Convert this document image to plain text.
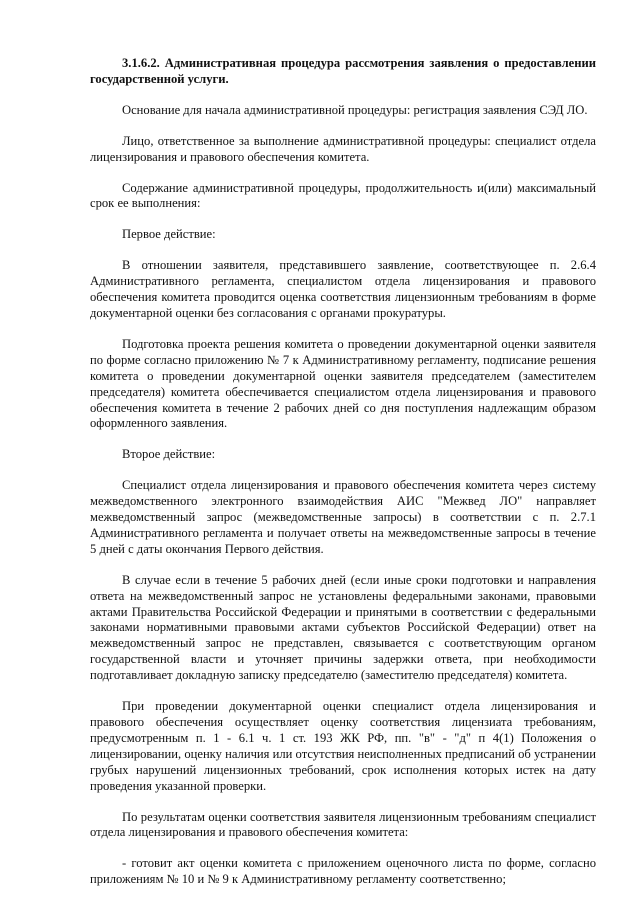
3.1.6.2. Административная процедура рассмотрения заявления о предоставлении государственной услуги.

Основание для начала административной процедуры: регистрация заявления СЭД ЛО.

Лицо, ответственное за выполнение административной процедуры: специалист отдела лицензирования и правового обеспечения комитета.

Содержание административной процедуры, продолжительность и(или) максимальный срок ее выполнения:

Первое действие:

В отношении заявителя, представившего заявление, соответствующее п. 2.6.4 Административного регламента, специалистом отдела лицензирования и правового обеспечения комитета проводится оценка соответствия лицензионным требованиям в форме документарной оценки без согласования с органами прокуратуры.

Подготовка проекта решения комитета о проведении документарной оценки заявителя по форме согласно приложению № 7 к Административному регламенту, подписание решения комитета о проведении документарной оценки заявителя председателем (заместителем председателя) комитета обеспечивается специалистом отдела лицензирования и правового обеспечения комитета в течение 2 рабочих дней со дня поступления надлежащим образом оформленного заявления.

Второе действие:

Специалист отдела лицензирования и правового обеспечения комитета через систему межведомственного электронного взаимодействия АИС "Межвед ЛО" направляет межведомственный запрос (межведомственные запросы) в соответствии с п. 2.7.1 Административного регламента и получает ответы на межведомственные запросы в течение 5 дней с даты окончания Первого действия.

В случае если в течение 5 рабочих дней (если иные сроки подготовки и направления ответа на межведомственный запрос не установлены федеральными законами, правовыми актами Правительства Российской Федерации и принятыми в соответствии с федеральными законами нормативными правовыми актами субъектов Российской Федерации) ответ на межведомственный запрос не представлен, связывается с соответствующим органом государственной власти и уточняет причины задержки ответа, при необходимости подготавливает докладную записку председателю (заместителю председателя) комитета.

При проведении документарной оценки специалист отдела лицензирования и правового обеспечения осуществляет оценку соответствия лицензиата требованиям, предусмотренным п. 1 - 6.1 ч. 1 ст. 193 ЖК РФ, пп. "в" - "д" п 4(1) Положения о лицензировании, оценку наличия или отсутствия неисполненных предписаний об устранении грубых нарушений лицензионных требований, срок исполнения которых истек на дату проведения указанной проверки.

По результатам оценки соответствия заявителя лицензионным требованиям специалист отдела лицензирования и правового обеспечения комитета:

- готовит акт оценки комитета с приложением оценочного листа по форме, согласно приложениям № 10 и № 9 к Административному регламенту соответственно;
